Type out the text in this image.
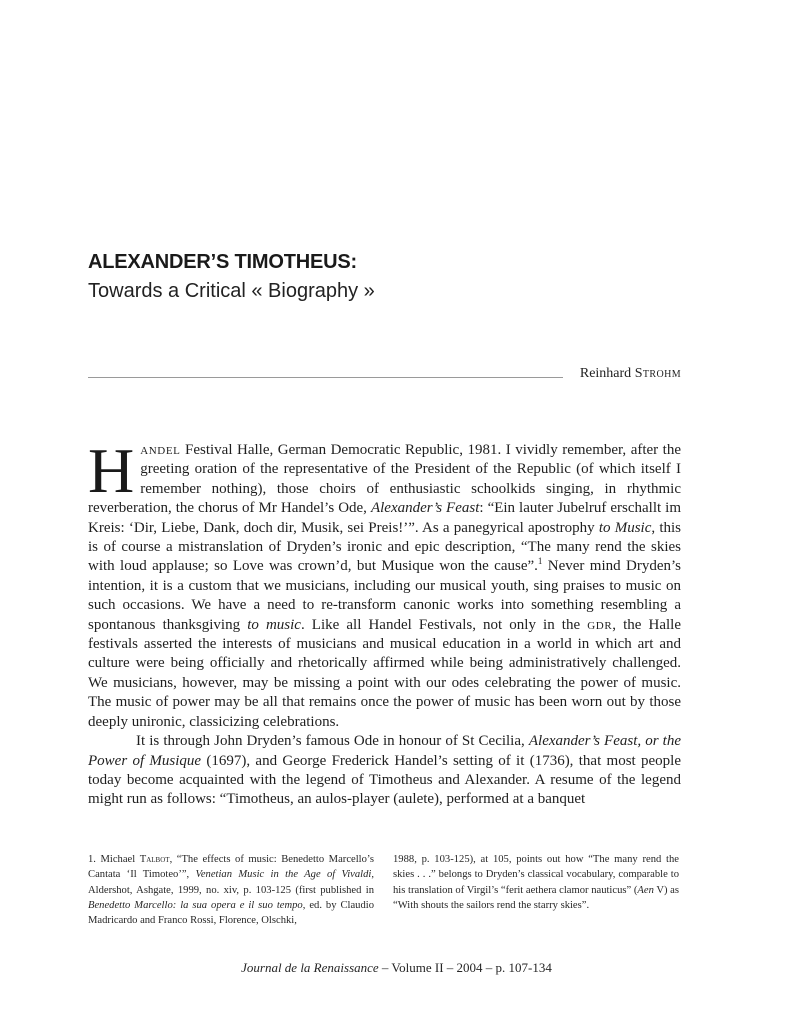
ALEXANDER’S TIMOTHEUS:
Towards a Critical « Biography »
Reinhard Strohm

Handel Festival Halle, German Democratic Republic, 1981. I vividly remember, after the greeting oration of the representative of the President of the Republic (of which itself I remember nothing), those choirs of enthusiastic schoolkids singing, in rhythmic reverberation, the chorus of Mr Handel’s Ode, Alexander’s Feast: “Ein lauter Jubelruf erschallt im Kreis: ‘Dir, Liebe, Dank, doch dir, Musik, sei Preis!’”. As a panegyrical apostrophy to Music, this is of course a mistranslation of Dryden’s ironic and epic description, “The many rend the skies with loud applause; so Love was crown’d, but Musique won the cause”.$^1$ Never mind Dryden’s intention, it is a custom that we musicians, including our musical youth, sing praises to music on such occasions. We have a need to re-transform canonic works into something resembling a spontanous thanksgiving to music. Like all Handel Festivals, not only in the gdr, the Halle festivals asserted the interests of musicians and musical education in a world in which art and culture were being officially and rhetorically affirmed while being administratively challenged. We musicians, however, may be missing a point with our odes celebrating the power of music. The music of power may be all that remains once the power of music has been worn out by those deeply unironic, classicizing celebrations.

It is through John Dryden’s famous Ode in honour of St Cecilia, Alexander’s Feast, or the Power of Musique (1697), and George Frederick Handel’s setting of it (1736), that most people today become acquainted with the legend of Timotheus and Alexander. A resume of the legend might run as follows: “Timotheus, an aulos-player (aulete), performed at a banquet

1. Michael Talbot, “The effects of music: Benedetto Marcello’s Cantata ‘Il Timoteo’”, Venetian Music in the Age of Vivaldi, Aldershot, Ashgate, 1999, no. xiv, p. 103-125 (first published in Benedetto Marcello: la sua opera e il suo tempo, ed. by Claudio Madricardo and Franco Rossi, Florence, Olschki,

1988, p. 103-125), at 105, points out how “The many rend the skies . . .” belongs to Dryden’s classical vocabulary, comparable to his translation of Virgil’s “ferit aethera clamor nauticus” (Aen V) as “With shouts the sailors rend the starry skies”.

Journal de la Renaissance – Volume II – 2004 – p. 107-134
